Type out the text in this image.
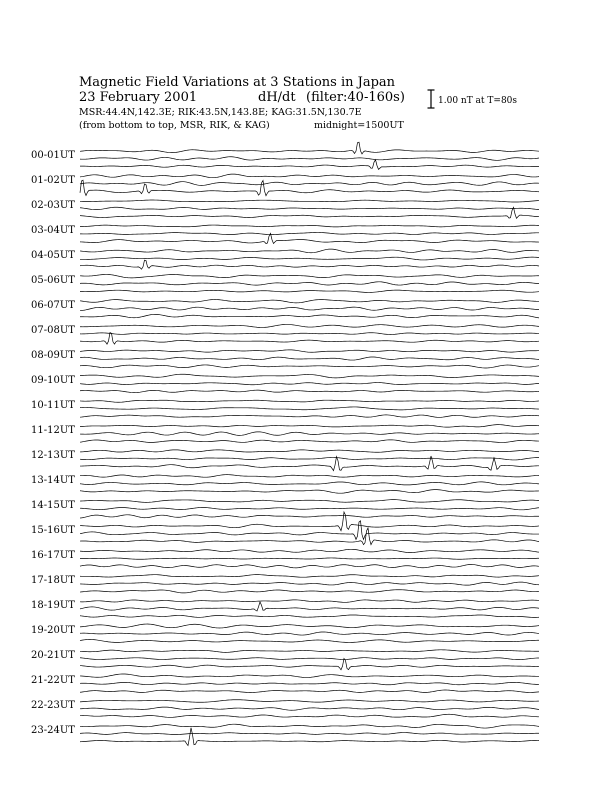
Magnetic Field Variations at 3 Stations in Japan
23 February 2001	dH/dt (filter:40-160s)
MSR:44.4N,142.3E; RIK:43.5N,143.8E; KAG:31.5N,130.7E
(from bottom to top, MSR, RIK, & KAG)	midnight=1500UT
1.00 nT at T=80s
00-01UT
01-02UT
02-03UT
03-04UT
04-05UT
05-06UT
06-07UT
07-08UT
08-09UT
09-10UT
10-11UT
11-12UT
12-13UT
13-14UT
14-15UT
15-16UT
16-17UT
17-18UT
18-19UT
19-20UT
20-21UT
21-22UT
22-23UT
23-24UT
